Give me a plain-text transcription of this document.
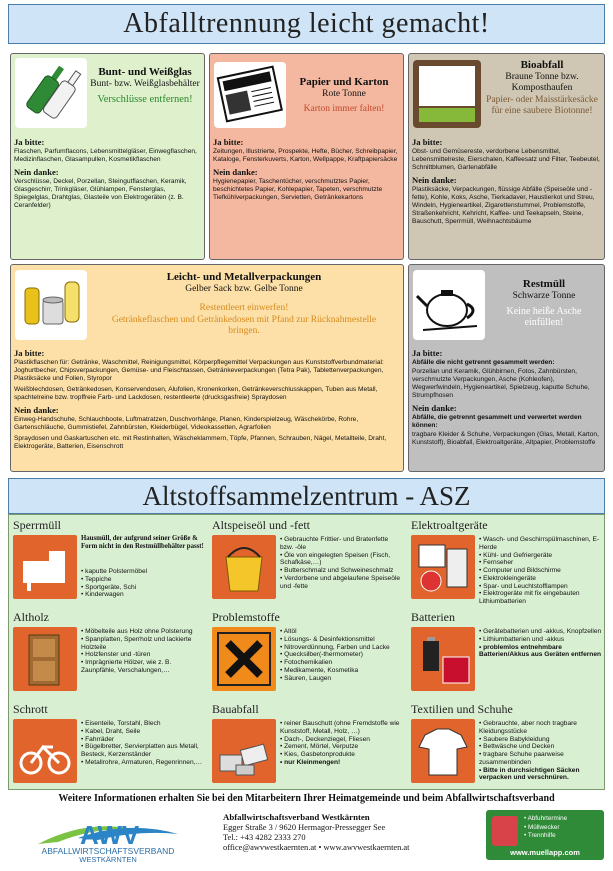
Abfalltrennung leicht gemacht!
Bunt- und Weißglas
Bunt- bzw. Weißglasbehälter
Verschlüsse entfernen!
Ja bitte:

Flaschen, Parfumflacons, Lebensmittelgläser, Einwegflaschen, Medizinflaschen, Glasampullen, Kosmetikflaschen

Nein danke:

Verschlüsse, Deckel, Porzellan, Steingutflaschen, Keramik, Glasgeschirr, Trinkgläser, Glühlampen, Fensterglas, Spiegelglas, Drahtglas, Glasteile von Elektrogeräten (z. B. Ceranfelder)

Papier und Karton
Rote Tonne
Karton immer falten!
Ja bitte:

Zeitungen, Illustrierte, Prospekte, Hefte, Bücher, Schreibpapier, Kataloge, Fensterkuverts, Karton, Wellpappe, Kraftpapiersäcke

Nein danke:

Hygienepapier, Taschentücher, verschmutztes Papier, beschichtetes Papier, Kohlepapier, Tapeten, verschmutzte Tiefkühlverpackungen, Servietten, Getränkekartons

Bioabfall
Braune Tonne bzw. Komposthaufen
Papier- oder Maisstärkesäcke für eine saubere Biotonne!
Ja bitte:

Obst- und Gemüsereste, verdorbene Lebensmittel, Lebensmittelreste, Eierschalen, Kaffeesatz und Filter, Teebeutel, Schnittblumen, Gartenabfälle

Nein danke:

Plastiksäcke, Verpackungen, flüssige Abfälle (Speiseöle und -fette), Kohle, Koks, Asche, Tierkadaver, Haustierkot und Streu, Windeln, Hygieneartikel, Zigarettenstummel, Problemstoffe, Straßenkehricht, Kehricht, Kaffee- und Teekapseln, Steine, Bauschutt, Sperrmüll, Weihnachtsbäume

Leicht- und Metallverpackungen
Gelber Sack bzw. Gelbe Tonne
Restentleert einwerfen!
Getränkeflaschen und Getränkedosen mit Pfand zur Rücknahmestelle bringen.
Ja bitte:

Plastikflaschen für: Getränke, Waschmittel, Reinigungsmittel, Körperpflegemittel Verpackungen aus Kunststoffverbundmaterial: Joghurtbecher, Chipsverpackungen, Gemüse- und Fleischtassen, Getränkeverpackungen (Tetra Pak), Tablettenverpackungen, Plastiksäcke und Folien, Styropor

Weißblechdosen, Getränkedosen, Konservendosen, Alufolien, Kronenkorken, Getränkeverschlusskappen, Tuben aus Metall, spachtelreine bzw. tropffreie Farb- und Lackdosen, restentleerte (drucksgasfreie) Spraydosen

Nein danke:

Einweg-Handschuhe, Schlauchboote, Luftmatratzen, Duschvorhänge, Planen, Kinderspielzeug, Wäschekörbe, Rohre, Gartenschläuche, Gummistiefel, Zahnbürsten, Kleiderbügel, Videokassetten, Agrarfolien

Spraydosen und Gaskartuschen etc. mit Restinhalten, Wäscheklammern, Töpfe, Pfannen, Schrauben, Nägel, Metallteile, Draht, Elektrogeräte, Batterien, Eisenschrott

Restmüll
Schwarze Tonne
Keine heiße Asche einfüllen!
Ja bitte:

Abfälle die nicht getrennt gesammelt werden:

Porzellan und Keramik, Glühbirnen, Fotos, Zahnbürsten, verschmutzte Verpackungen, Asche (Kohleofen), Wegwerfwindeln, Hygieneartikel, Spielzeug, kaputte Schuhe, Strumpfhosen

Nein danke:

Abfälle, die getrennt gesammelt und verwertet werden können:

tragbare Kleider & Schuhe, Verpackungen (Glas, Metall, Karton, Kunststoff), Bioabfall, Elektroaltgeräte, Altpapier, Problemstoffe

Altstoffsammelzentrum - ASZ
Sperrmüll
Hausmüll, der aufgrund seiner Größe & Form nicht in den Restmüllbehälter passt!
• kaputte Polstermöbel
• Teppiche
• Sportgeräte, Schi
• Kinderwagen
Altspeiseöl und -fett
• Gebrauchte Frittier- und Bratenfette bzw. -öle
• Öle von eingelegten Speisen (Fisch, Schafkäse,…)
• Butterschmalz und Schweineschmalz
• Verdorbene und abgelaufene Speiseöle und -fette
Elektroaltgeräte
• Wasch- und Geschirrspülmaschinen, E-Herde
• Kühl- und Gefriergeräte
• Fernseher
• Computer und Bildschirme
• Elektrokleingeräte
• Spar- und Leuchtstofflampen
• Elektrogeräte mit fix eingebauten Lithiumbatterien
Altholz
• Möbelteile aus Holz ohne Polsterung
• Spanplatten, Sperrholz und lackierte Holzteile
• Holzfenster und -türen
• Imprägnierte Hölzer, wie z. B. Zaunpfähle, Verschalungen,…
Problemstoffe
• Altöl
• Lösungs- & Desinfektionsmittel
• Nitroverdünnung, Farben und Lacke
• Quecksilber(-thermometer)
• Fotochemikalien
• Medikamente, Kosmetika
• Säuren, Laugen
Batterien
• Gerätebatterien und -akkus, Knopfzellen
• Lithiumbatterien und -akkus
• problemlos entnehmbare Batterien/Akkus aus Geräten entfernen
Schrott
• Eisenteile, Torstahl, Blech
• Kabel, Draht, Seile
• Fahrräder
• Bügelbretter, Servierplatten aus Metall, Besteck, Kerzenständer
• Metallrohre, Armaturen, Regenrinnen,…
Bauabfall
• reiner Bauschutt (ohne Fremdstoffe wie Kunststoff, Metall, Holz, …)
• Dach-, Deckenziegel, Fliesen
• Zement, Mörtel, Verputze
• Kies, Gasbetonprodukte
• nur Kleinmengen!
Textilien und Schuhe
• Gebrauchte, aber noch tragbare Kleidungsstücke
• Saubere Babykleidung
• Bettwäsche und Decken
• tragbare Schuhe paarweise zusammenbinden
• Bitte in durchsichtigen Säcken verpacken und verschnüren.
Weitere Informationen erhalten Sie bei den Mitarbeitern Ihrer Heimatgemeinde und beim Abfallwirtschaftsverband
AWV
ABFALLWIRTSCHAFTSVERBAND
WESTKÄRNTEN
Abfallwirtschaftsverband Westkärnten
Egger Straße 3 / 9620 Hermagor-Pressegger See
Tel.: +43 4282 2333 270
office@awvwestkaernten.at • www.awvwestkaernten.at
• Abfuhrtermine
• Müllwecker
• Trennhilfe
www.muellapp.com
